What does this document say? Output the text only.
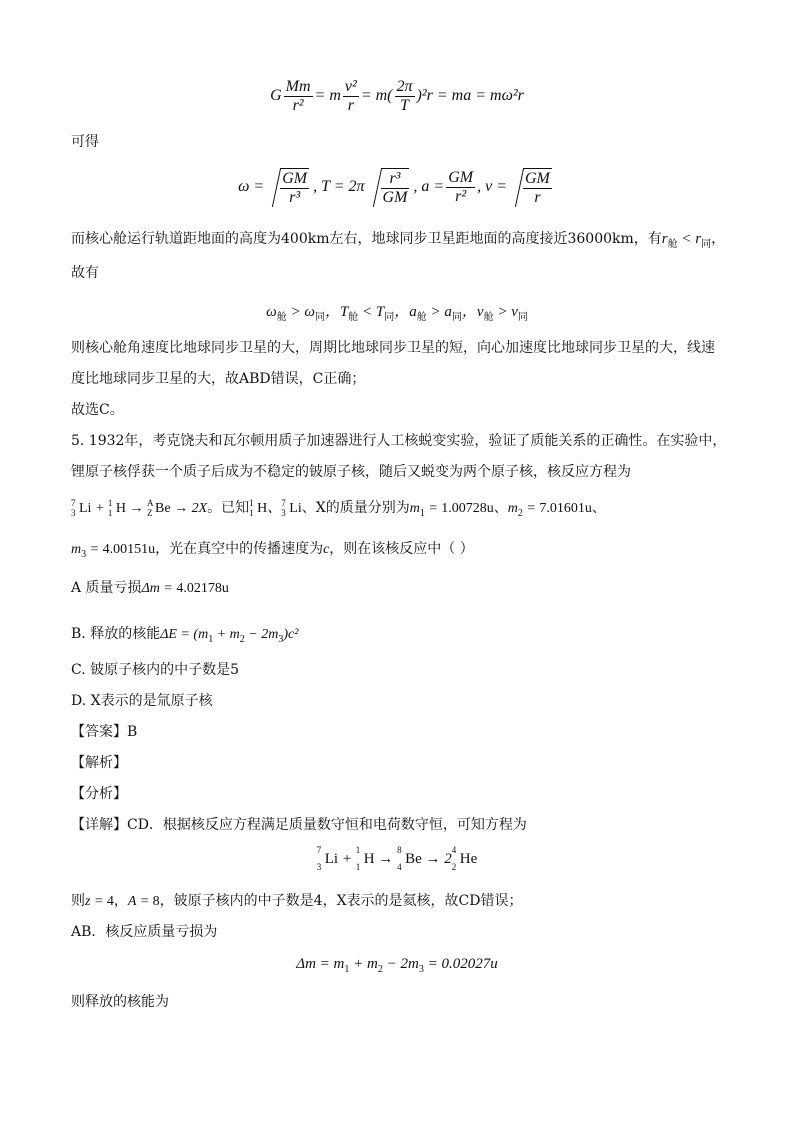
G $\frac{Mm}{\text{r²}} = m \frac{\text{v²}}{r} = m( \frac{2\pi}{T} )^2r$ = ma = mω²r
可得
$\omega = \frac{GM}{\text{r³}}$ , $T = 2\pi \frac{\text{r³}}{GM}$ , $a = \frac{GM}{\text{r²}}$ , $v = \frac{GM}{r}$
而核心舱运行轨道距地面的高度为400km左右，地球同步卫星距地面的高度接近36000km，有$r_舱 < r_同$，
故有
$\omega_舱 > \omega_同$，$T_舱 < T_同$，$a_舱 > a_同$，$v_舱 > v_同$
则核心舱角速度比地球同步卫星的大，周期比地球同步卫星的短，向心加速度比地球同步卫星的大，线速
度比地球同步卫星的大，故ABD错误，C正确；
故选C。
5. 1932年，考克饶夫和瓦尔顿用质子加速器进行人工核蜕变实验，验证了质能关系的正确性。在实验中，
锂原子核俘获一个质子后成为不稳定的铍原子核，随后又蜕变为两个原子核，核反应方程为
7
3 Li + 1
1 H → A
Z Be → 2X。已知 1
1 H、 7
3 Li、X的质量分别为$m_1 = 1.00728u$、$m_2 = 7.01601u$、
$m_3 = 4.00151u$，光在真空中的传播速度为c，则在该核反应中（ ）
A 质量亏损Δm = 4.02178u
B. 释放的核能$\Delta E = (m_1 + m_2 - 2m_3)c^2$
C. 铍原子核内的中子数是5
D. X表示的是氚原子核
【答案】B
【解析】
【分析】
【详解】CD．根据核反应方程满足质量数守恒和电荷数守恒，可知方程为
7
3 Li +
1
1 H →
8
4 Be → 2
4
2 He
则z = 4，A = 8，铍原子核内的中子数是4，X表示的是氦核，故CD错误；
AB．核反应质量亏损为
$\Delta m = m_1 + m_2 - 2m_3 = 0.02027u$
则释放的核能为
